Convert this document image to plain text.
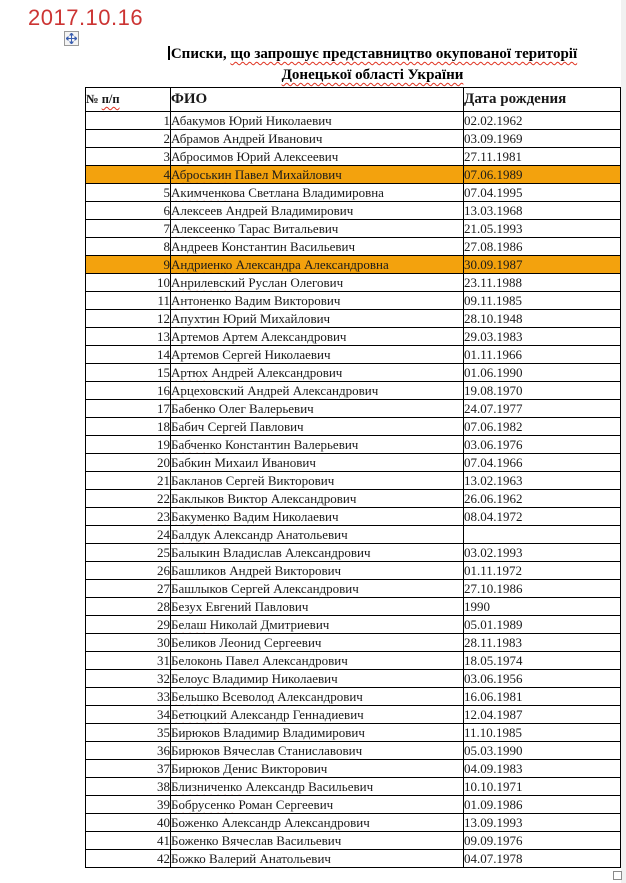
2017.10.16
Списки, що запрошує представництво окупованої території
Донецької області України
№ п/п	ФИО	Дата рождения
1	Абакумов Юрий Николаевич	02.02.1962
2	Абрамов Андрей Иванович	03.09.1969
3	Абросимов Юрий Алексеевич	27.11.1981
4	Аброськин Павел Михайлович	07.06.1989
5	Акимченкова Светлана Владимировна	07.04.1995
6	Алексеев Андрей Владимирович	13.03.1968
7	Алексеенко Тарас Витальевич	21.05.1993
8	Андреев Константин Васильевич	27.08.1986
9	Андриенко Александра Александровна	30.09.1987
10	Анрилевский Руслан Олегович	23.11.1988
11	Антоненко Вадим Викторович	09.11.1985
12	Апухтин Юрий Михайлович	28.10.1948
13	Артемов Артем Александрович	29.03.1983
14	Артемов Сергей Николаевич	01.11.1966
15	Артюх Андрей Александрович	01.06.1990
16	Арцеховский Андрей Александрович	19.08.1970
17	Бабенко Олег Валерьевич	24.07.1977
18	Бабич Сергей Павлович	07.06.1982
19	Бабченко Константин Валерьевич	03.06.1976
20	Бабкин Михаил Иванович	07.04.1966
21	Бакланов Сергей Викторович	13.02.1963
22	Баклыков Виктор Александрович	26.06.1962
23	Бакуменко Вадим Николаевич	08.04.1972
24	Балдук Александр Анатольевич	
25	Балыкин Владислав Александрович	03.02.1993
26	Башликов Андрей Викторович	01.11.1972
27	Башлыков Сергей Александрович	27.10.1986
28	Безух Евгений Павлович	1990
29	Белаш Николай Дмитриевич	05.01.1989
30	Беликов Леонид Сергеевич	28.11.1983
31	Белоконь Павел Александрович	18.05.1974
32	Белоус Владимир Николаевич	03.06.1956
33	Бельшко Всеволод Александрович	16.06.1981
34	Бетюцкий Александр Геннадиевич	12.04.1987
35	Бирюков Владимир Владимирович	11.10.1985
36	Бирюков Вячеслав Станиславович	05.03.1990
37	Бирюков Денис Викторович	04.09.1983
38	Близниченко Александр Васильевич	10.10.1971
39	Бобрусенко Роман Сергеевич	01.09.1986
40	Боженко Александр Александрович	13.09.1993
41	Боженко Вячеслав Васильевич	09.09.1976
42	Божко Валерий Анатольевич	04.07.1978
